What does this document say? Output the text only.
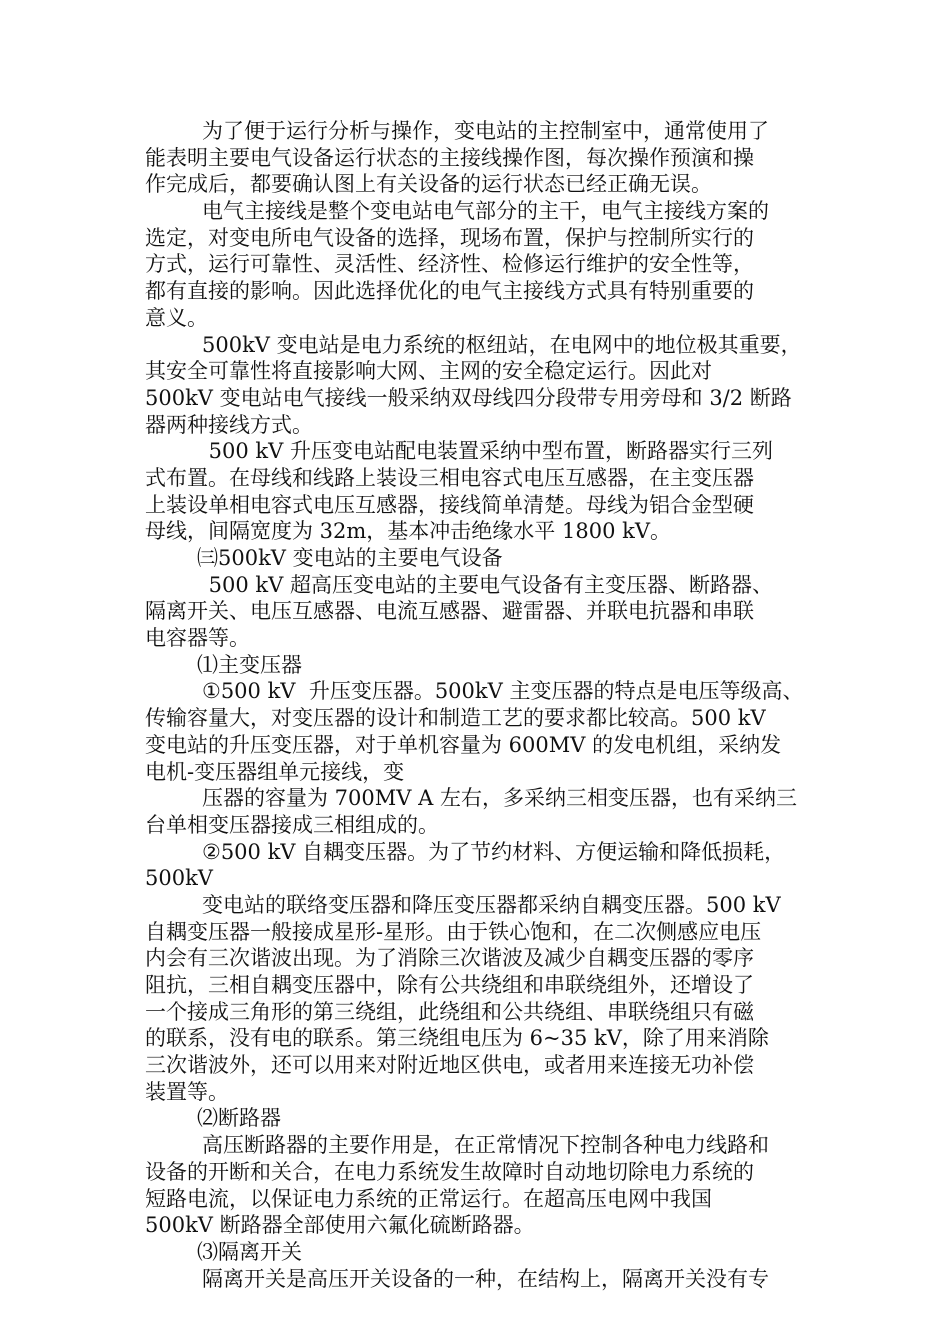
为了便于运行分析与操作，变电站的主控制室中，通常使用了
能表明主要电气设备运行状态的主接线操作图，每次操作预演和操
作完成后，都要确认图上有关设备的运行状态已经正确无误。
电气主接线是整个变电站电气部分的主干，电气主接线方案的
选定，对变电所电气设备的选择，现场布置，保护与控制所实行的
方式，运行可靠性、灵活性、经济性、检修运行维护的安全性等，
都有直接的影响。因此选择优化的电气主接线方式具有特别重要的
意义。
500kV 变电站是电力系统的枢纽站，在电网中的地位极其重要，
其安全可靠性将直接影响大网、主网的安全稳定运行。因此对
500kV 变电站电气接线一般采纳双母线四分段带专用旁母和 3/2 断路
器两种接线方式。
500 kV 升压变电站配电装置采纳中型布置，断路器实行三列
式布置。在母线和线路上装设三相电容式电压互感器，在主变压器
上装设单相电容式电压互感器，接线简单清楚。母线为铝合金型硬
母线，间隔宽度为 32m，基本冲击绝缘水平 1800 kV。
㈢500kV 变电站的主要电气设备
500 kV 超高压变电站的主要电气设备有主变压器、断路器、
隔离开关、电压互感器、电流互感器、避雷器、并联电抗器和串联
电容器等。
⑴主变压器
①500 kV  升压变压器。500kV 主变压器的特点是电压等级高、
传输容量大，对变压器的设计和制造工艺的要求都比较高。500 kV
变电站的升压变压器，对于单机容量为 600MV 的发电机组，采纳发
电机-变压器组单元接线，变
压器的容量为 700MV A 左右，多采纳三相变压器，也有采纳三
台单相变压器接成三相组成的。
②500 kV 自耦变压器。为了节约材料、方便运输和降低损耗，
500kV
变电站的联络变压器和降压变压器都采纳自耦变压器。500 kV
自耦变压器一般接成星形-星形。由于铁心饱和，在二次侧感应电压
内会有三次谐波出现。为了消除三次谐波及减少自耦变压器的零序
阻抗，三相自耦变压器中，除有公共绕组和串联绕组外，还增设了
一个接成三角形的第三绕组，此绕组和公共绕组、串联绕组只有磁
的联系，没有电的联系。第三绕组电压为 6~35 kV，除了用来消除
三次谐波外，还可以用来对附近地区供电，或者用来连接无功补偿
装置等。
⑵断路器
高压断路器的主要作用是，在正常情况下控制各种电力线路和
设备的开断和关合，在电力系统发生故障时自动地切除电力系统的
短路电流，以保证电力系统的正常运行。在超高压电网中我国
500kV 断路器全部使用六氟化硫断路器。
⑶隔离开关
隔离开关是高压开关设备的一种，在结构上，隔离开关没有专
